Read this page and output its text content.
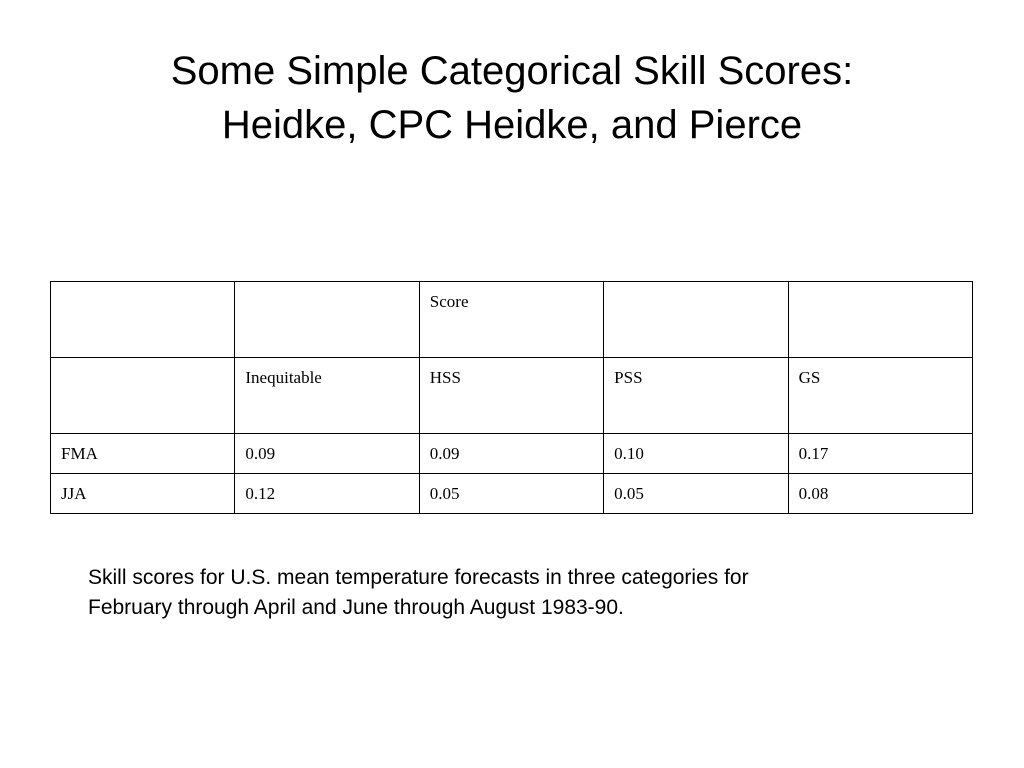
Some Simple Categorical Skill Scores:
Heidke, CPC Heidke, and Pierce
		Score		
	Inequitable	HSS	PSS	GS
FMA	0.09	0.09	0.10	0.17
JJA	0.12	0.05	0.05	0.08
Skill scores for U.S. mean temperature forecasts in three categories for
February through April and June through August 1983-90.
